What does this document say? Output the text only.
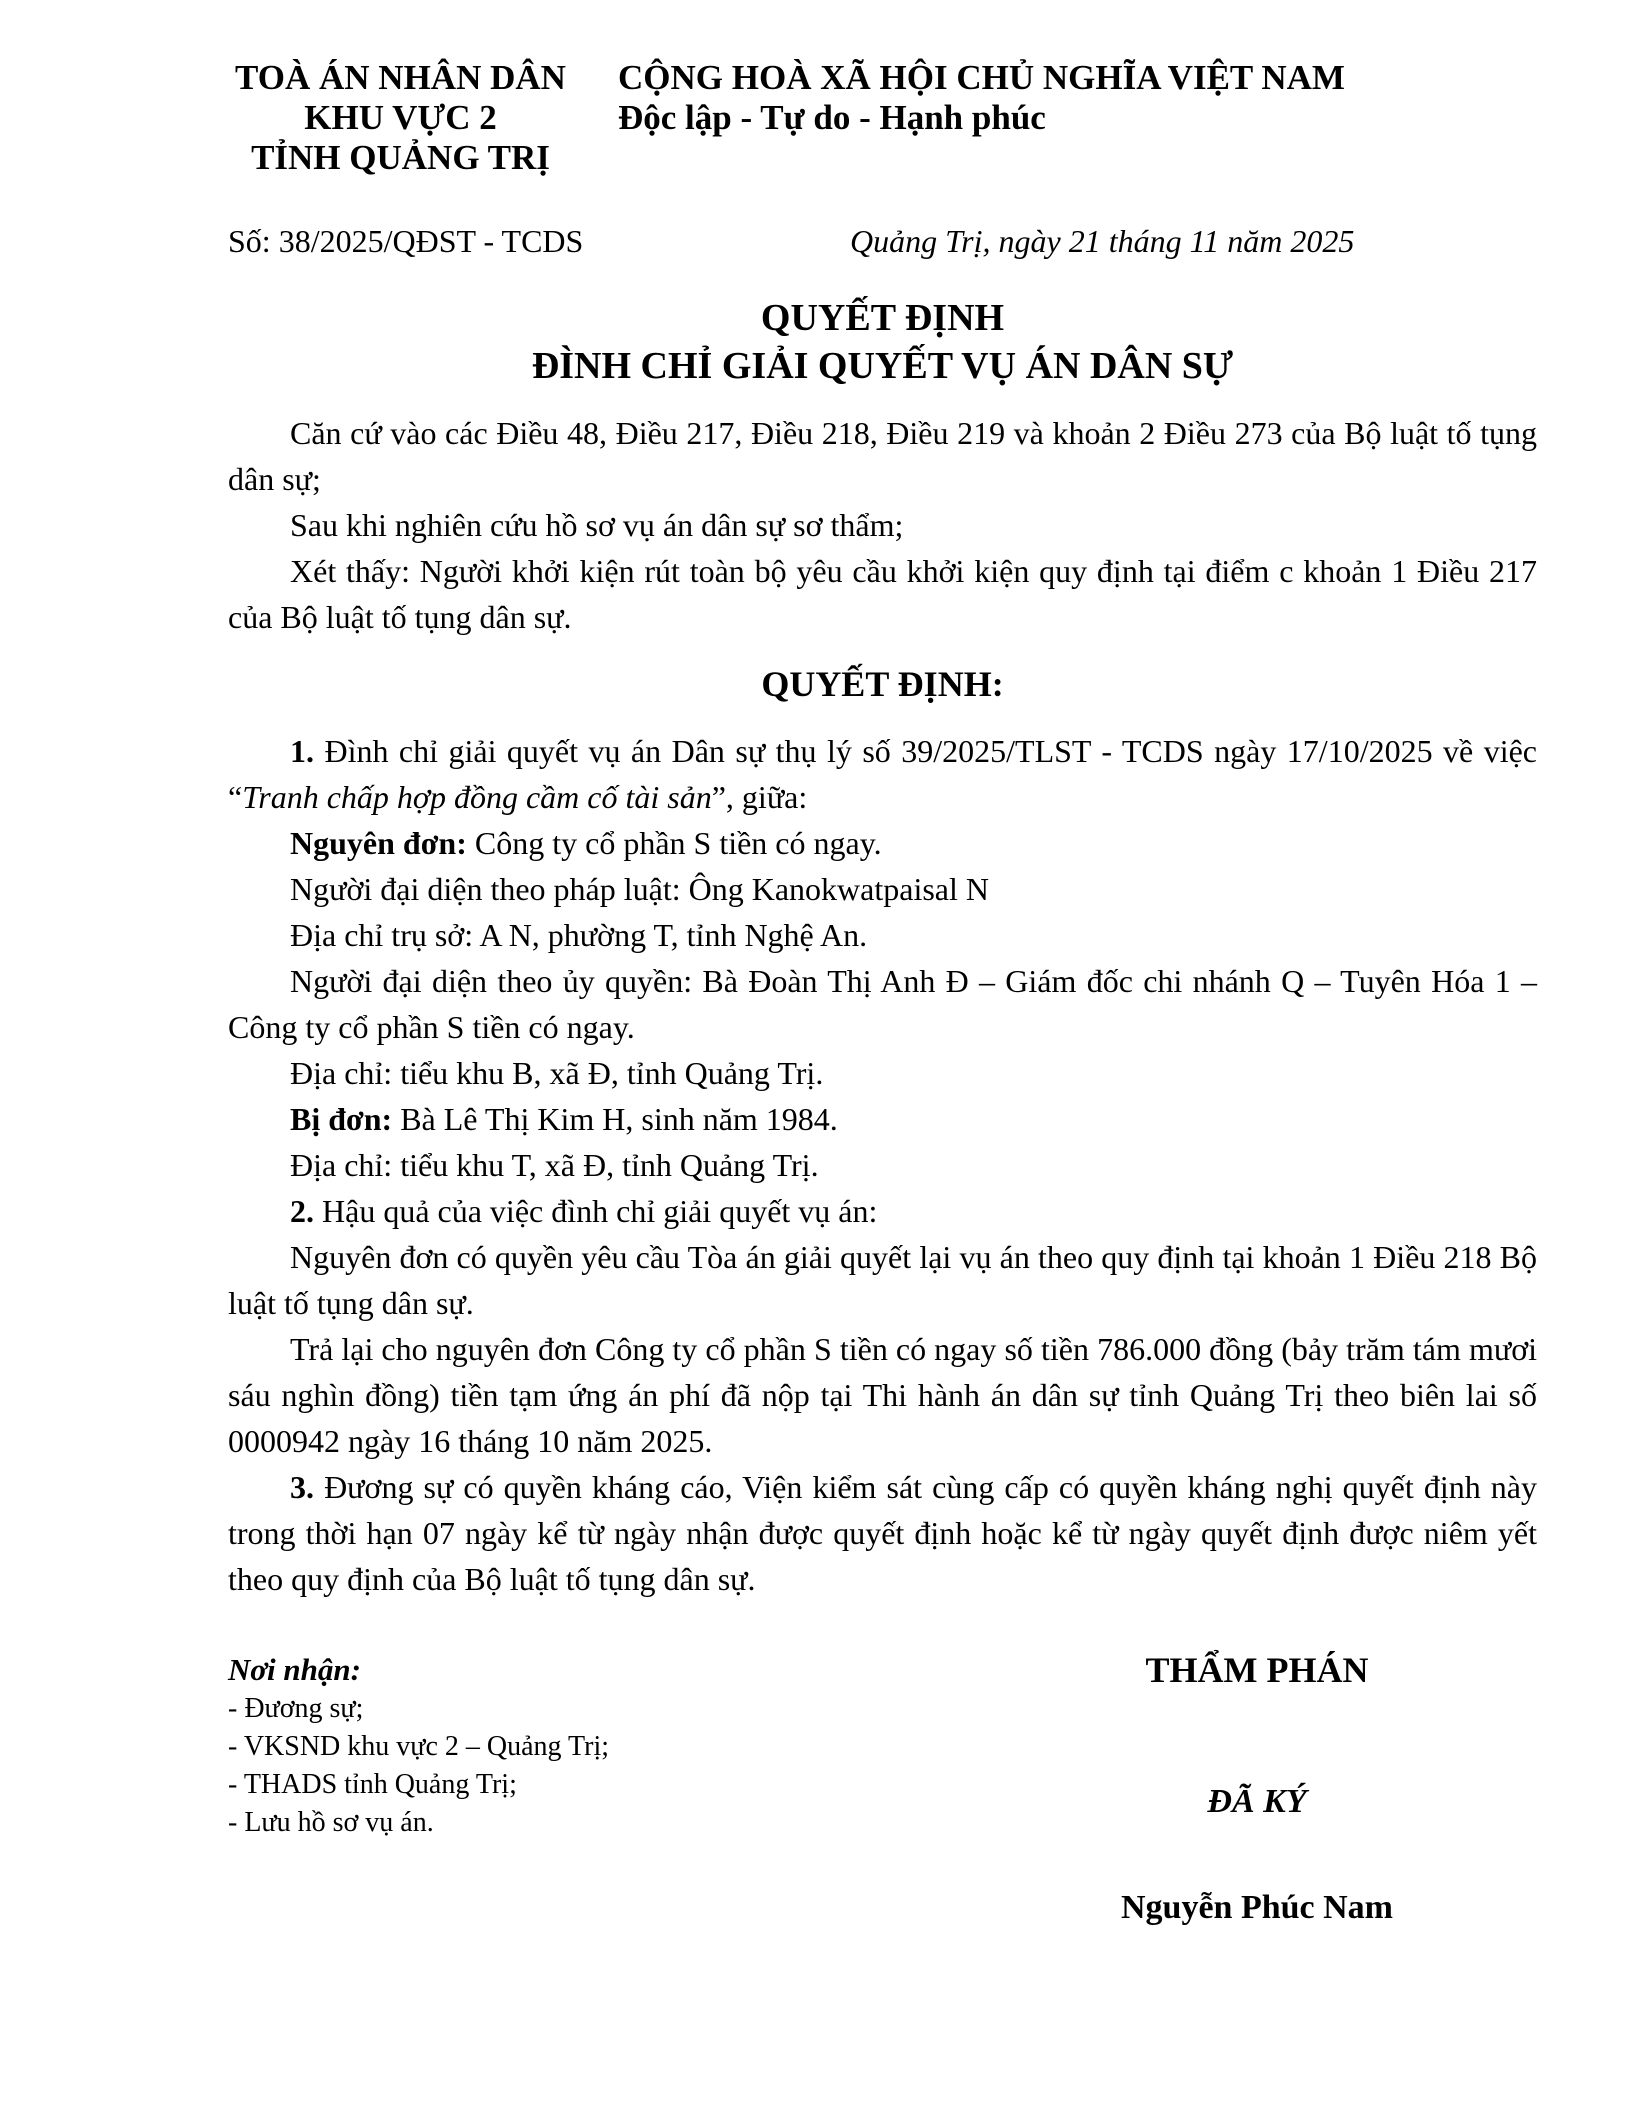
TOÀ ÁN NHÂN DÂN
KHU VỰC 2
TỈNH QUẢNG TRỊ
CỘNG HOÀ XÃ HỘI CHỦ NGHĨA VIỆT NAM
Độc lập - Tự do - Hạnh phúc
Số: 38/2025/QĐST - TCDS	Quảng Trị, ngày 21 tháng 11 năm 2025
QUYẾT ĐỊNH
ĐÌNH CHỈ GIẢI QUYẾT VỤ ÁN DÂN SỰ

Căn cứ vào các Điều 48, Điều 217, Điều 218, Điều 219 và khoản 2 Điều 273 của Bộ luật tố tụng dân sự;

Sau khi nghiên cứu hồ sơ vụ án dân sự sơ thẩm;

Xét thấy: Người khởi kiện rút toàn bộ yêu cầu khởi kiện quy định tại điểm c khoản 1 Điều 217 của Bộ luật tố tụng dân sự.

QUYẾT ĐỊNH:

1. Đình chỉ giải quyết vụ án Dân sự thụ lý số 39/2025/TLST - TCDS ngày 17/10/2025 về việc “Tranh chấp hợp đồng cầm cố tài sản”, giữa:

Nguyên đơn: Công ty cổ phần S tiền có ngay.

Người đại diện theo pháp luật: Ông Kanokwatpaisal N

Địa chỉ trụ sở: A N, phường T, tỉnh Nghệ An.

Người đại diện theo ủy quyền: Bà Đoàn Thị Anh Đ – Giám đốc chi nhánh Q – Tuyên Hóa 1 – Công ty cổ phần S tiền có ngay.

Địa chỉ: tiểu khu B, xã Đ, tỉnh Quảng Trị.

Bị đơn: Bà Lê Thị Kim H, sinh năm 1984.

Địa chỉ: tiểu khu T, xã Đ, tỉnh Quảng Trị.

2. Hậu quả của việc đình chỉ giải quyết vụ án:

Nguyên đơn có quyền yêu cầu Tòa án giải quyết lại vụ án theo quy định tại khoản 1 Điều 218 Bộ luật tố tụng dân sự.

Trả lại cho nguyên đơn Công ty cổ phần S tiền có ngay số tiền 786.000 đồng (bảy trăm tám mươi sáu nghìn đồng) tiền tạm ứng án phí đã nộp tại Thi hành án dân sự tỉnh Quảng Trị theo biên lai số 0000942 ngày 16 tháng 10 năm 2025.

3. Đương sự có quyền kháng cáo, Viện kiểm sát cùng cấp có quyền kháng nghị quyết định này trong thời hạn 07 ngày kể từ ngày nhận được quyết định hoặc kể từ ngày quyết định được niêm yết theo quy định của Bộ luật tố tụng dân sự.

Nơi nhận:
- Đương sự;
- VKSND khu vực 2 – Quảng Trị;
- THADS tỉnh Quảng Trị;
- Lưu hồ sơ vụ án.
THẨM PHÁN
ĐÃ KÝ
Nguyễn Phúc Nam
